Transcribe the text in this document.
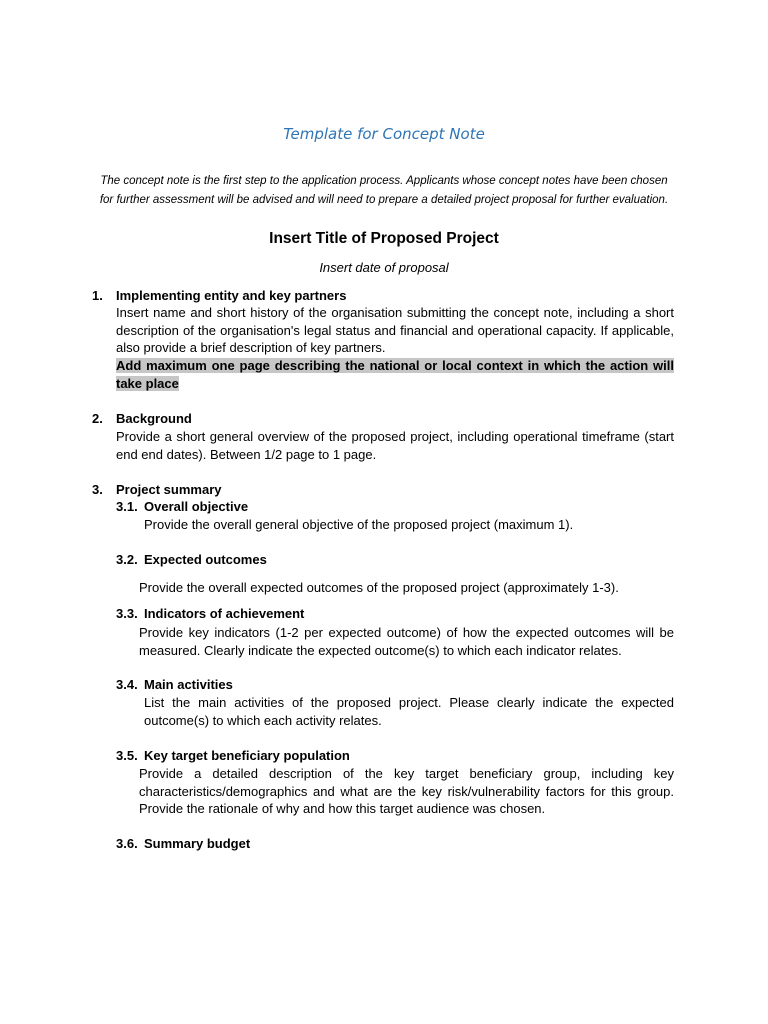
Template for Concept Note
The concept note is the first step to the application process. Applicants whose concept notes have been chosen for further assessment will be advised and will need to prepare a detailed project proposal for further evaluation.
Insert Title of Proposed Project
Insert date of proposal
1.	Implementing entity and key partners
Insert name and short history of the organisation submitting the concept note, including a short description of the organisation's legal status and financial and operational capacity. If applicable, also provide a brief description of key partners.
Add maximum one page describing the national or local context in which the action will take place
2.	Background
Provide a short general overview of the proposed project, including operational timeframe (start end end dates). Between 1/2 page to 1 page.
3.	Project summary
3.1. Overall objective
Provide the overall general objective of the proposed project (maximum 1).
3.2. Expected outcomes
Provide the overall expected outcomes of the proposed project (approximately 1-3).
3.3. Indicators of achievement
Provide key indicators (1-2 per expected outcome) of how the expected outcomes will be measured. Clearly indicate the expected outcome(s) to which each indicator relates.
3.4. Main activities
List the main activities of the proposed project. Please clearly indicate the expected outcome(s) to which each activity relates.
3.5. Key target beneficiary population
Provide a detailed description of the key target beneficiary group, including key characteristics/demographics and what are the key risk/vulnerability factors for this group. Provide the rationale of why and how this target audience was chosen.
3.6. Summary budget
